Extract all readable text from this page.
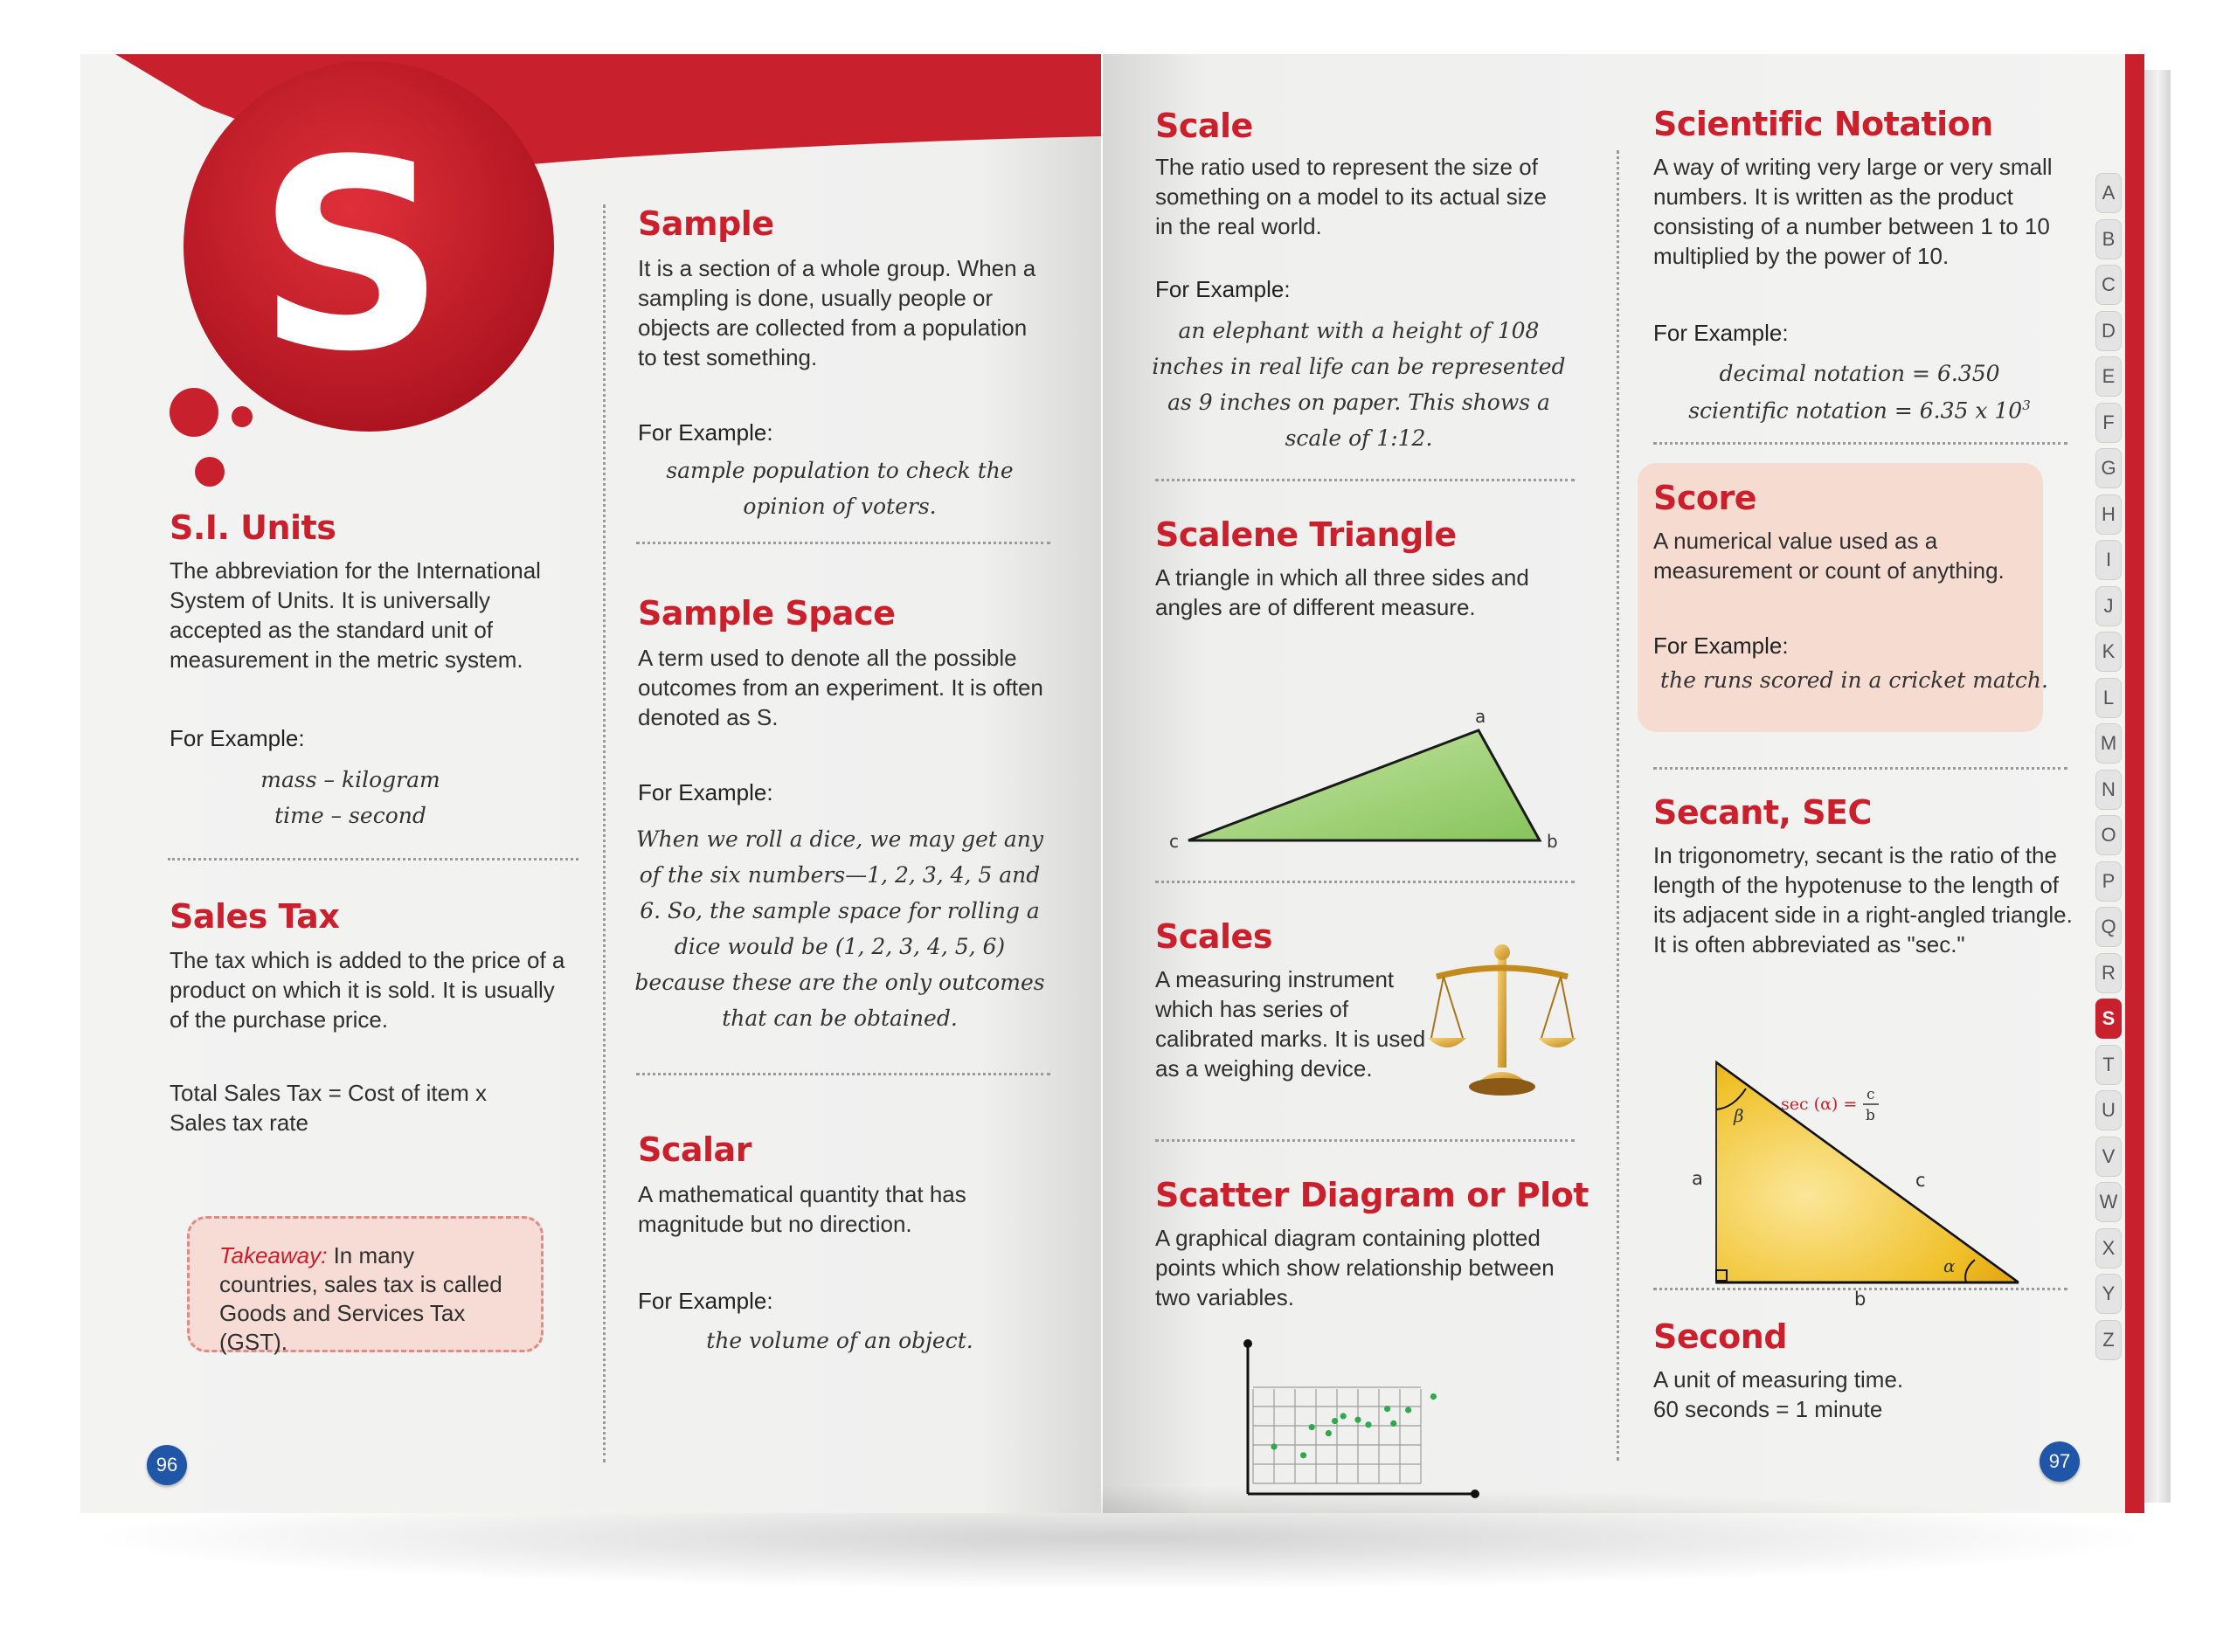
S
S.I. Units
The abbreviation for the International System of Units. It is universally accepted as the standard unit of measurement in the metric system.
For Example:
mass – kilogram
time – second
Sales Tax
The tax which is added to the price of a product on which it is sold. It is usually of the purchase price.
Total Sales Tax = Cost of item x Sales tax rate
Sample
It is a section of a whole group. When a sampling is done, usually people or objects are collected from a population to test something.
For Example:
sample population to check the opinion of voters.
Sample Space
A term used to denote all the possible outcomes from an experiment. It is often denoted as S.
For Example:
When we roll a dice, we may get any of the six numbers—1, 2, 3, 4, 5 and 6. So, the sample space for rolling a dice would be (1, 2, 3, 4, 5, 6) because these are the only outcomes that can be obtained.
Scalar
A mathematical quantity that has magnitude but no direction.
For Example:
the volume of an object.
96
Takeaway: In many countries, sales tax is called Goods and Services Tax (GST).
Scale
The ratio used to represent the size of something on a model to its actual size in the real world.
For Example:
an elephant with a height of 108 inches in real life can be represented as 9 inches on paper. This shows a scale of 1:12.
Scalene Triangle
A triangle in which all three sides and angles are of different measure.
a
b
c
Scales
A measuring instrument which has series of calibrated marks. It is used as a weighing device.
Scatter Diagram or Plot
A graphical diagram containing plotted points which show relationship between two variables.
Scientific Notation
A way of writing very large or very small numbers. It is written as the product consisting of a number between 1 to 10 multiplied by the power of 10.
For Example:
decimal notation = 6.350
scientific notation = 6.35 x $10^3$
Score
A numerical value used as a measurement or count of anything.
For Example:
the runs scored in a cricket match.
Secant, SEC
In trigonometry, secant is the ratio of the length of the hypotenuse to the length of its adjacent side in a right-angled triangle. It is often abbreviated as "sec."
β
α
a
b
c
sec (α) = c
b
Second
A unit of measuring time.
60 seconds = 1 minute
97
A
B
C
D
E
F
G
H
I
J
K
L
M
N
O
P
Q
R
S
T
U
V
W
X
Y
Z
